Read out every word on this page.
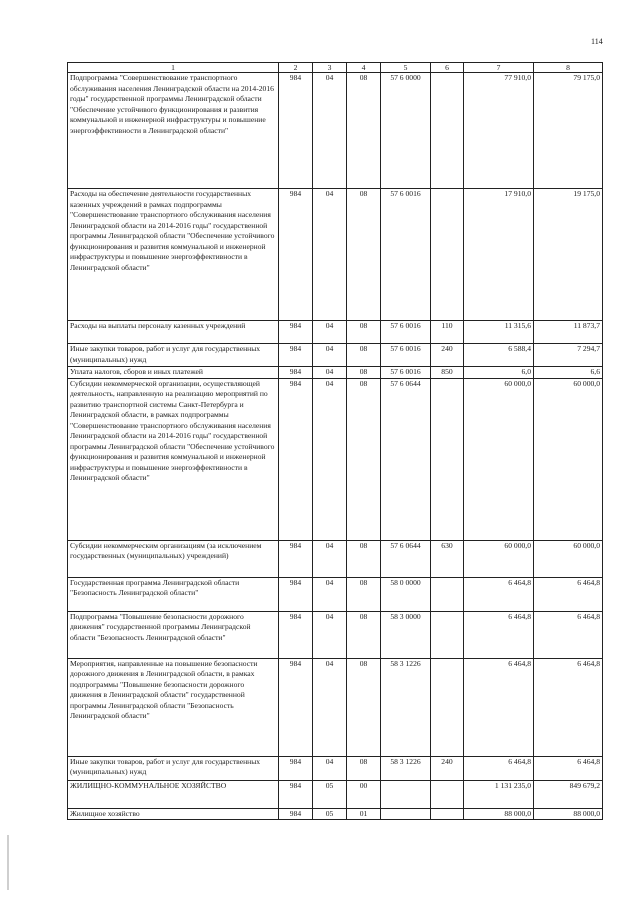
114
1	2	3	4	5	6	7	8
Подпрограмма "Совершенствование транспортного обслуживания населения Ленинградской области на 2014-2016 годы" государственной программы Ленинградской области "Обеспечение устойчивого функционирования и развития коммунальной и инженерной инфраструктуры и повышение энергоэффективности в Ленинградской области"	984	04	08	57 6 0000		77 910,0	79 175,0
Расходы на обеспечение деятельности государственных казенных учреждений в рамках подпрограммы "Совершенствование транспортного обслуживания населения Ленинградской области на 2014-2016 годы" государственной программы Ленинградской области "Обеспечение устойчивого функционирования и развития коммунальной и инженерной инфраструктуры и повышение энергоэффективности в Ленинградской области"	984	04	08	57 6 0016		17 910,0	19 175,0
Расходы на выплаты персоналу казенных учреждений	984	04	08	57 6 0016	110	11 315,6	11 873,7
Иные закупки товаров, работ и услуг для государственных (муниципальных) нужд	984	04	08	57 6 0016	240	6 588,4	7 294,7
Уплата налогов, сборов и иных платежей	984	04	08	57 6 0016	850	6,0	6,6
Субсидии некоммерческой организации, осуществляющей деятельность, направленную на реализацию мероприятий по развитию транспортной системы Санкт-Петербурга и Ленинградской области, в рамках подпрограммы "Совершенствование транспортного обслуживания населения Ленинградской области на 2014-2016 годы" государственной программы Ленинградской области "Обеспечение устойчивого функционирования и развития коммунальной и инженерной инфраструктуры и повышение энергоэффективности в Ленинградской области"	984	04	08	57 6 0644		60 000,0	60 000,0
Субсидии некоммерческим организациям (за исключением государственных (муниципальных) учреждений)	984	04	08	57 6 0644	630	60 000,0	60 000,0
Государственная программа Ленинградской области "Безопасность Ленинградской области"	984	04	08	58 0 0000		6 464,8	6 464,8
Подпрограмма "Повышение безопасности дорожного движения" государственной программы Ленинградской области "Безопасность Ленинградской области"	984	04	08	58 3 0000		6 464,8	6 464,8
Мероприятия, направленные на повышение безопасности дорожного движения в Ленинградской области, в рамках подпрограммы "Повышение безопасности дорожного движения в Ленинградской области" государственной программы Ленинградской области "Безопасность Ленинградской области"	984	04	08	58 3 1226		6 464,8	6 464,8
Иные закупки товаров, работ и услуг для государственных (муниципальных) нужд	984	04	08	58 3 1226	240	6 464,8	6 464,8
ЖИЛИЩНО-КОММУНАЛЬНОЕ ХОЗЯЙСТВО	984	05	00			1 131 235,0	849 679,2
Жилищное хозяйство	984	05	01			88 000,0	88 000,0
